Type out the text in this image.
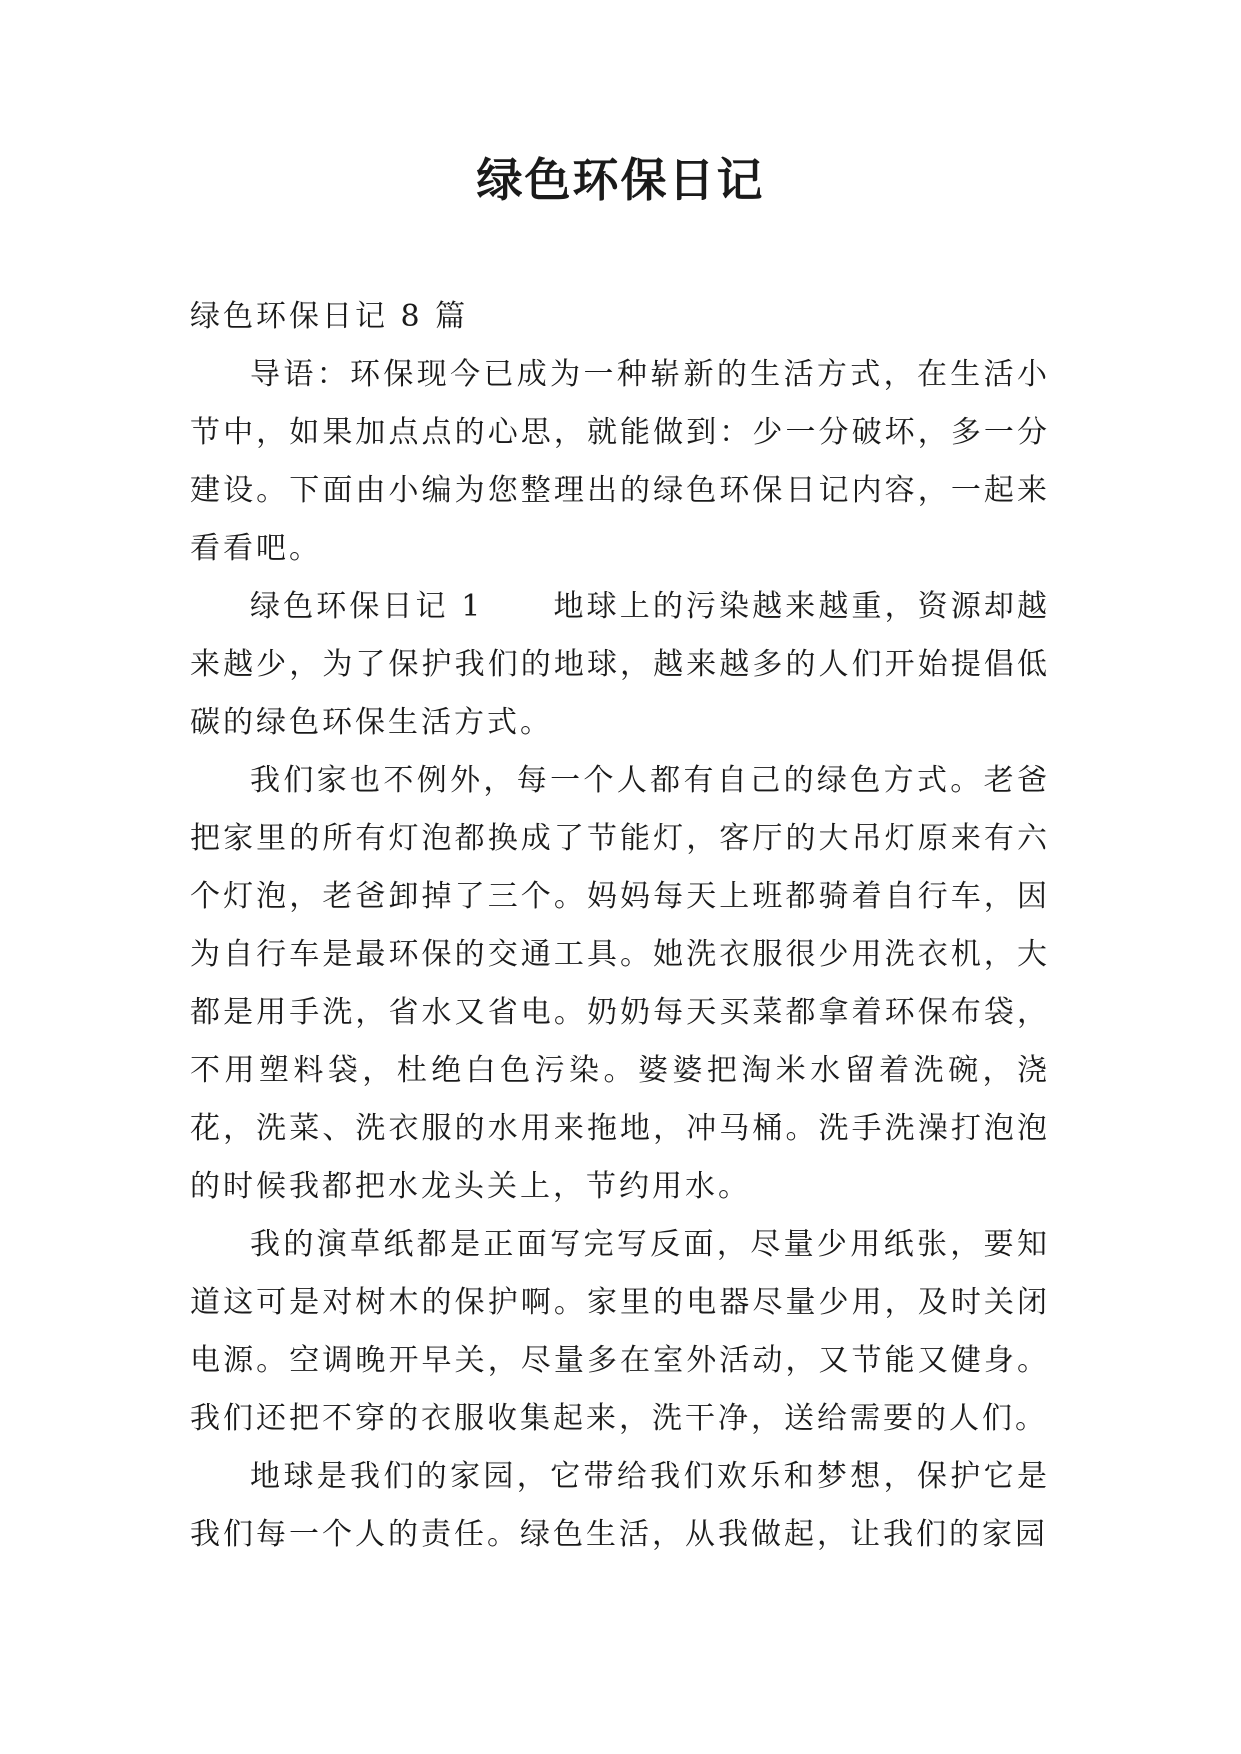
绿色环保日记

绿色环保日记 8 篇

导语：环保现今已成为一种崭新的生活方式，在生活小节中，如果加点点的心思，就能做到：少一分破坏，多一分建设。下面由小编为您整理出的绿色环保日记内容，一起来看看吧。

绿色环保日记 1 地球上的污染越来越重，资源却越来越少，为了保护我们的地球，越来越多的人们开始提倡低碳的绿色环保生活方式。

我们家也不例外，每一个人都有自己的绿色方式。老爸把家里的所有灯泡都换成了节能灯，客厅的大吊灯原来有六个灯泡，老爸卸掉了三个。妈妈每天上班都骑着自行车，因为自行车是最环保的交通工具。她洗衣服很少用洗衣机，大都是用手洗，省水又省电。奶奶每天买菜都拿着环保布袋，不用塑料袋，杜绝白色污染。婆婆把淘米水留着洗碗，浇花，洗菜、洗衣服的水用来拖地，冲马桶。洗手洗澡打泡泡的时候我都把水龙头关上，节约用水。

我的演草纸都是正面写完写反面，尽量少用纸张，要知道这可是对树木的保护啊。家里的电器尽量少用，及时关闭电源。空调晚开早关，尽量多在室外活动，又节能又健身。我们还把不穿的衣服收集起来，洗干净，送给需要的人们。

地球是我们的家园，它带给我们欢乐和梦想，保护它是我们每一个人的责任。绿色生活，从我做起，让我们的家园
